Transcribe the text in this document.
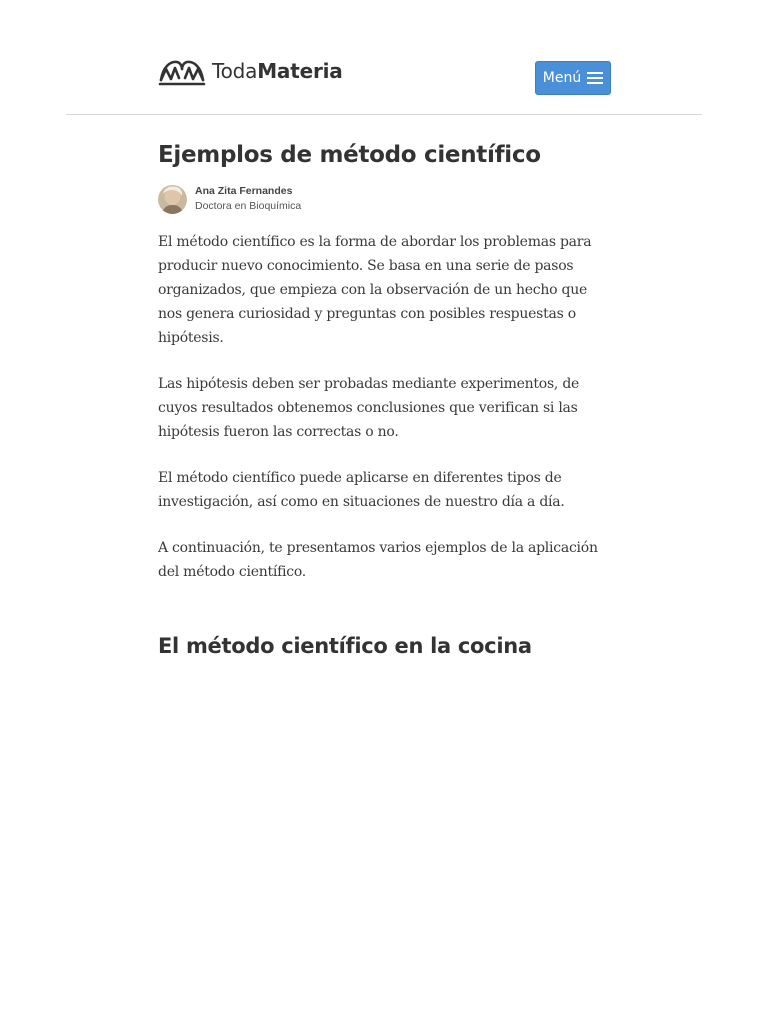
TodaMateria	Menú
Ejemplos de método científico
Ana Zita Fernandes
Doctora en Bioquímica

El método científico es la forma de abordar los problemas para producir nuevo conocimiento. Se basa en una serie de pasos organizados, que empieza con la observación de un hecho que nos genera curiosidad y preguntas con posibles respuestas o hipótesis.

Las hipótesis deben ser probadas mediante experimentos, de cuyos resultados obtenemos conclusiones que verifican si las hipótesis fueron las correctas o no.

El método científico puede aplicarse en diferentes tipos de investigación, así como en situaciones de nuestro día a día.

A continuación, te presentamos varios ejemplos de la aplicación del método científico.

El método científico en la cocina
